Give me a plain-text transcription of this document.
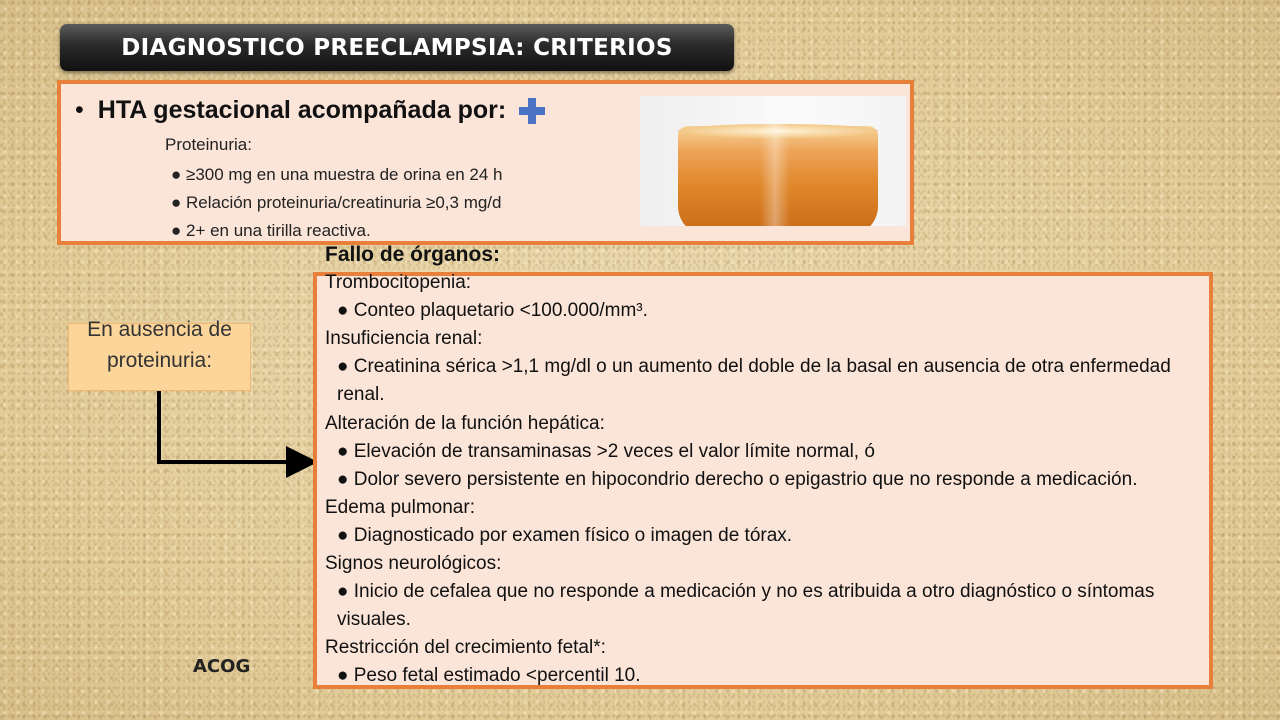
DIAGNOSTICO PREECLAMPSIA: CRITERIOS
• HTA gestacional acompañada por:
Proteinuria:
● ≥300 mg en una muestra de orina en 24 h
● Relación proteinuria/creatinuria ≥0,3 mg/d
● 2+ en una tirilla reactiva.
En ausencia de proteinuria:
Fallo de órganos:
Trombocitopenia:
● Conteo plaquetario <100.000/mm³.
Insuficiencia renal:
● Creatinina sérica >1,1 mg/dl o un aumento del doble de la basal en ausencia de otra enfermedad renal.
Alteración de la función hepática:
● Elevación de transaminasas >2 veces el valor límite normal, ó
● Dolor severo persistente en hipocondrio derecho o epigastrio que no responde a medicación.
Edema pulmonar:
● Diagnosticado por examen físico o imagen de tórax.
Signos neurológicos:
● Inicio de cefalea que no responde a medicación y no es atribuida a otro diagnóstico o síntomas visuales.
Restricción del crecimiento fetal*:
● Peso fetal estimado <percentil 10.
ACOG
